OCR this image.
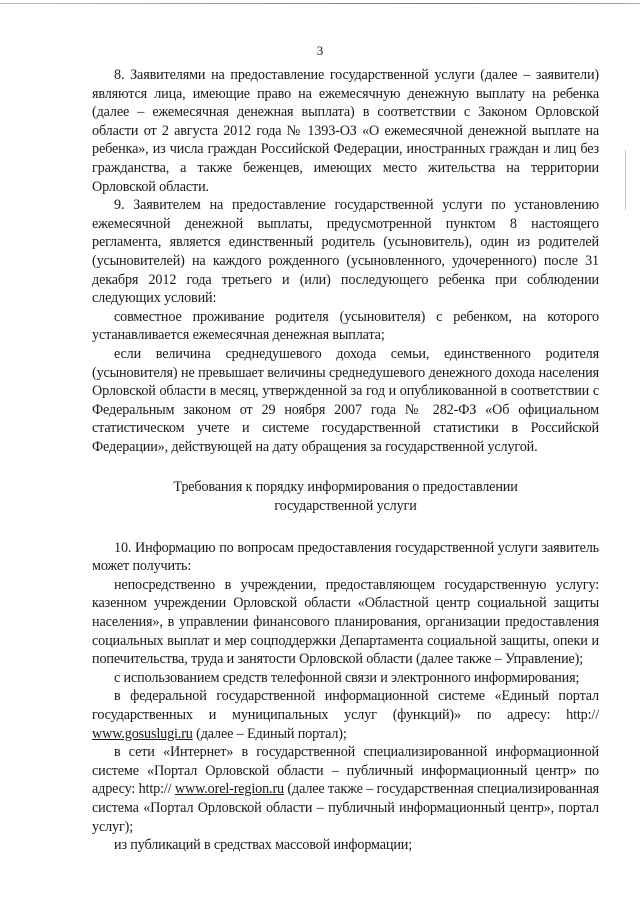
3

8. Заявителями на предоставление государственной услуги (далее – заявители) являются лица, имеющие право на ежемесячную денежную выплату на ребенка (далее – ежемесячная денежная выплата) в соответствии с Законом Орловской области от 2 августа 2012 года № 1393-ОЗ «О ежемесячной денежной выплате на ребенка», из числа граждан Российской Федерации, иностранных граждан и лиц без гражданства, а также беженцев, имеющих место жительства на территории Орловской области.

9. Заявителем на предоставление государственной услуги по установлению ежемесячной денежной выплаты, предусмотренной пунктом 8 настоящего регламента, является единственный родитель (усыновитель), один из родителей (усыновителей) на каждого рожденного (усыновленного, удочеренного) после 31 декабря 2012 года третьего и (или) последующего ребенка при соблюдении следующих условий:

совместное проживание родителя (усыновителя) с ребенком, на которого устанавливается ежемесячная денежная выплата;

если величина среднедушевого дохода семьи, единственного родителя (усыновителя) не превышает величины среднедушевого денежного дохода населения Орловской области в месяц, утвержденной за год и опубликованной в соответствии с Федеральным законом от 29 ноября 2007 года № 282-ФЗ «Об официальном статистическом учете и системе государственной статистики в Российской Федерации», действующей на дату обращения за государственной услугой.

Требования к порядку информирования о предоставлении
государственной услуги

10. Информацию по вопросам предоставления государственной услуги заявитель может получить:

непосредственно в учреждении, предоставляющем государственную услугу: казенном учреждении Орловской области «Областной центр социальной защиты населения», в управлении финансового планирования, организации предоставления социальных выплат и мер соцподдержки Департамента социальной защиты, опеки и попечительства, труда и занятости Орловской области (далее также – Управление);

с использованием средств телефонной связи и электронного информирования;

в федеральной государственной информационной системе «Единый портал государственных и муниципальных услуг (функций)» по адресу: http:// www.gosuslugi.ru (далее – Единый портал);

в сети «Интернет» в государственной специализированной информационной системе «Портал Орловской области – публичный информационный центр» по адресу: http:// www.orel-region.ru (далее также – государственная специализированная система «Портал Орловской области – публичный информационный центр», портал услуг);

из публикаций в средствах массовой информации;
